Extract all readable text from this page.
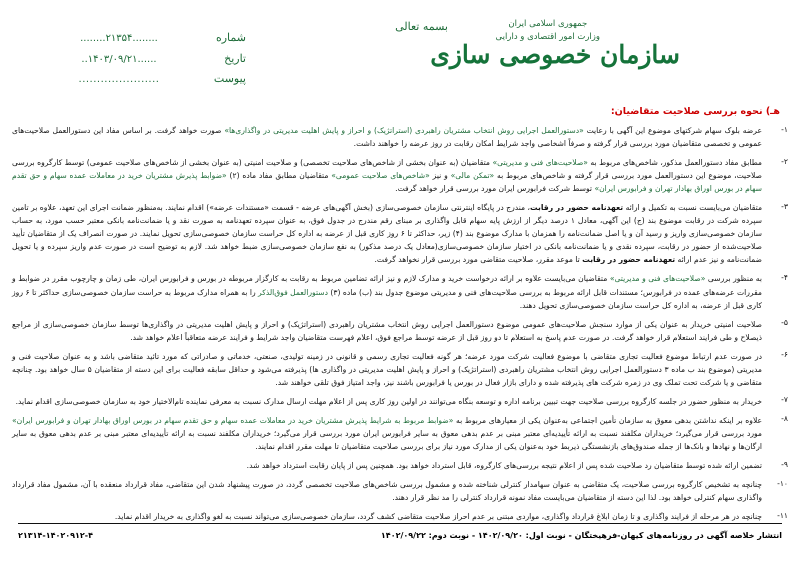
بسمه تعالی	جمهوری اسلامی ایران
وزارت امور اقتصادی و دارایی
سازمان خصوصی سازی
شماره
........۲۱۳۵۴........
تاریخ
......۱۴۰۳/۰۹/۲۱..
پیوست
......................
هـ) نحوه بررسی صلاحیت متقاضیان:
۱-
عرضه بلوک سهام شرکتهای موضوع این آگهی با رعایت «دستورالعمل اجرایی روش انتخاب مشتریان راهبردی (استراتژیک) و احراز و پایش اهلیت مدیریتی در واگذاری‌ها» صورت خواهد گرفت. بر اساس مفاد این دستورالعمل صلاحیت‌های عمومی و تخصصی متقاضیان مورد بررسی قرار گرفته و صرفاً اشخاصی واجد شرایط امکان رقابت در روز عرضه را خواهند داشت.
۲-
مطابق مفاد دستورالعمل مذکور، شاخص‌های مربوط به «صلاحیت‌های فنی و مدیریتی» متقاضیان (به عنوان بخشی از شاخص‌های صلاحیت تخصصی) و صلاحیت امنیتی (به عنوان بخشی از شاخص‌های صلاحیت عمومی) توسط کارگروه بررسی صلاحیت، موضوع این دستورالعمل مورد بررسی قرار گرفته و شاخص‌های مربوط به «تمکن مالی» و نیز «شاخص‌های صلاحیت عمومی» متقاضیان مطابق مفاد ماده (۲) «ضوابط پذیرش مشتریان خرید در معاملات عمده سهام و حق تقدم سهام در بورس اوراق بهادار تهران و فرابورس ایران» توسط شرکت فرابورس ایران مورد بررسی قرار خواهد گرفت.
۳-
متقاضیان می‌بایست نسبت به تکمیل و ارائه تعهدنامه حضور در رقابت، مندرج در پایگاه اینترنتی سازمان خصوصی‌سازی (بخش آگهی‌های عرضه - قسمت «مستندات عرضه») اقدام نمایند. به‌منظور ضمانت اجرای این تعهد، علاوه بر تامین سپرده شرکت در رقابت موضوع بند (ج) این آگهی، معادل ۱ درصد دیگر از ارزش پایه سهام قابل واگذاری بر مبنای رقم مندرج در جدول فوق، به عنوان سپرده تعهدنامه به صورت نقد و یا ضمانت‌نامه بانکی معتبر حسب مورد، به حساب سازمان خصوصی‌سازی واریز و رسید آن و یا اصل ضمانت‌نامه را همزمان با مدارک موضوع بند (۴) زیر، حداکثر تا ۶ روز کاری قبل از عرضه به اداره کل حراست سازمان خصوصی‌سازی تحویل نمایند. در صورت انصراف یک از متقاضیان تأیید صلاحیت‌شده از حضور در رقابت، سپرده نقدی و یا ضمانت‌نامه بانکی در اختیار سازمان خصوصی‌سازی(معادل یک درصد مذکور) به نفع سازمان خصوصی‌سازی ضبط خواهد شد. لازم به توضیح است در صورت عدم واریز سپرده و یا تحویل ضمانت‌نامه و نیز عدم ارائه تعهدنامه حضور در رقابت تا موعد مقرر، صلاحیت متقاضی مورد بررسی قرار نخواهد گرفت.
۴-
به منظور بررسی «صلاحیت‌های فنی و مدیریتی» متقاضیان می‌بایست علاوه بر ارائه درخواست خرید و مدارک لازم و نیز ارائه تضامین مربوط به رقابت به کارگزار مربوطه در بورس و فرابورس ایران، طی زمان و چارچوب مقرر در ضوابط و مقررات عرضه‌های عمده در فرابورس؛ مستندات قابل ارائه مربوط به بررسی صلاحیت‌های فنی و مدیریتی موضوع جدول بند (ب) ماده (۳) دستورالعمل فوق‌الذکر را به همراه مدارک مربوط به حراست سازمان خصوصی‌سازی حداکثر تا ۶ روز کاری قبل از عرضه، به اداره کل حراست سازمان خصوصی‌سازی تحویل دهند.
۵-
صلاحیت امنیتی خریدار به عنوان یکی از موارد سنجش صلاحیت‌های عمومی موضوع دستورالعمل اجرایی روش انتخاب مشتریان راهبردی (استراتژیک) و احراز و پایش اهلیت مدیریتی در واگذاری‌ها توسط سازمان خصوصی‌سازی از مراجع ذیصلاح و طی فرایند استعلام قرار خواهد گرفت. در صورت عدم پاسخ به استعلام تا دو روز قبل از عرضه توسط مراجع فوق، اعلام فهرست متقاضیان واجد شرایط و فرایند عرضه متعاقباً اعلام خواهد شد.
۶-
در صورت عدم ارتباط موضوع فعالیت تجاری متقاضی با موضوع فعالیت شرکت مورد عرضه؛ هر گونه فعالیت تجاری رسمی و قانونی در زمینه تولیدی، صنعتی، خدماتی و صادراتی که مورد تائید متقاضی باشد و به‌ عنوان صلاحیت فنی و مدیریتی (موضوع بند ب ماده ۳ دستورالعمل اجرایی روش انتخاب مشتریان راهبردی (استراتژیک) و احراز و پایش اهلیت مدیریتی در واگذاری ها) پذیرفته می‌شود و حداقل سابقه فعالیت برای این دسته از متقاضیان ۵ سال خواهد بود. چنانچه متقاضی و یا شرکت تحت تملک وی در زمره شرکت های پذیرفته شده و دارای بازار فعال در بورس یا فرابورس باشند نیز، واجد امتیاز فوق تلقی خواهند شد.
۷-
خریدار به منظور حضور در جلسه کارگروه بررسی صلاحیت جهت تبیین برنامه اداره و توسعه بنگاه می‌توانند در اولین روز کاری پس از اعلام مهلت ارسال مدارک نسبت به معرفی نماینده تام‌الاختیار خود به سازمان خصوصی‌سازی اقدام نماید.
۸-
علاوه بر اینکه نداشتن بدهی معوق به سازمان تأمین اجتماعی به‌عنوان یکی از معیارهای مربوط به «ضوابط مربوط به شرایط پذیرش مشتریان خرید در معاملات عمده سهام و حق تقدم سهام در بورس اوراق بهادار تهران و فرابورس ایران» مورد بررسی قرار می‌گیرد؛ خریداران مکلفند نسبت به ارائه تأییدیه‌ای معتبر مبنی بر عدم بدهی معوق به سایر فرابورس ایران مورد بررسی قرار می‌گیرد؛ خریداران مکلفند نسبت به ارائه تأییدیه‌ای معتبر مبنی بر عدم بدهی معوق به سایر ارگان‌ها و نهادها و بانک‌ها از جمله صندوق‌های بازنشستگی ذیربط خود به‌عنوان یکی از مدارک مورد نیاز برای بررسی صلاحیت متقاضیان تا مهلت مقرر اقدام نمایند.
۹-
تضمین ارائه شده توسط متقاضیان رد صلاحیت شده پس از اعلام نتیجه بررسی‌های کارگروه، قابل استرداد خواهد بود. همچنین پس از پایان رقابت استرداد خواهد شد.
۱۰-
چنانچه به تشخیص کارگروه بررسی صلاحیت، یک متقاضی به عنوان سهامدار کنترلی شناخته شده و مشمول بررسی شاخص‌های صلاحیت تخصصی گردد، در صورت پیشنهاد شدن این متقاضی، مفاد قرارداد منعقده با آن، مشمول مفاد قرارداد واگذاری سهام کنترلی خواهد بود. لذا این دسته از متقاضیان می‌بایست مفاد نمونه قرارداد کنترلی را مد نظر قرار دهند.
۱۱-
چنانچه در هر مرحله از فرایند واگذاری و تا زمان ابلاغ قرارداد واگذاری، مواردی مبتنی بر عدم احراز صلاحیت متقاضی کشف گردد، سازمان خصوصی‌سازی می‌تواند نسبت به لغو واگذاری به خریدار اقدام نماید.
انتشار خلاصه آگهی در روزنامه‌های کیهان-فرهیختگان - نوبت اول: ۱۴۰۲/۰۹/۲۰ - نوبت دوم: ۱۴۰۲/۰۹/۲۲
۲۱۳۱۴-۱۴۰۲۰۹۱۲-۴
